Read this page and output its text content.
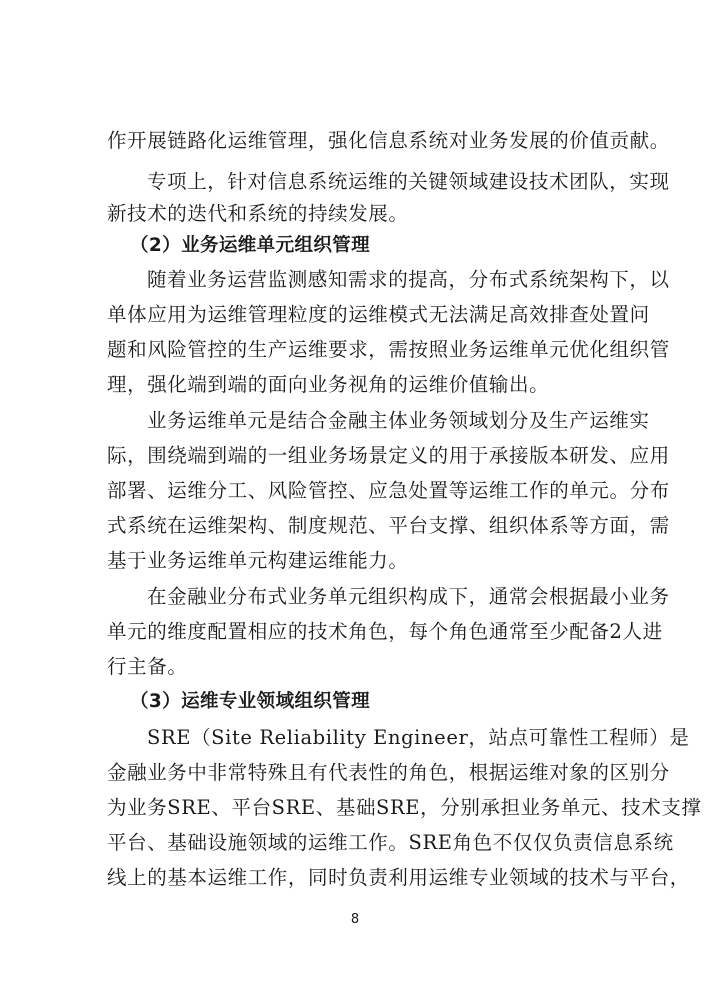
作开展链路化运维管理，强化信息系统对业务发展的价值贡献。
专项上，针对信息系统运维的关键领域建设技术团队，实现
新技术的迭代和系统的持续发展。
（2）业务运维单元组织管理
随着业务运营监测感知需求的提高，分布式系统架构下，以
单体应用为运维管理粒度的运维模式无法满足高效排查处置问
题和风险管控的生产运维要求，需按照业务运维单元优化组织管
理，强化端到端的面向业务视角的运维价值输出。
业务运维单元是结合金融主体业务领域划分及生产运维实
际，围绕端到端的一组业务场景定义的用于承接版本研发、应用
部署、运维分工、风险管控、应急处置等运维工作的单元。分布
式系统在运维架构、制度规范、平台支撑、组织体系等方面，需
基于业务运维单元构建运维能力。
在金融业分布式业务单元组织构成下，通常会根据最小业务
单元的维度配置相应的技术角色，每个角色通常至少配备2人进
行主备。
（3）运维专业领域组织管理
SRE（Site Reliability Engineer，站点可靠性工程师）是
金融业务中非常特殊且有代表性的角色，根据运维对象的区别分
为业务SRE、平台SRE、基础SRE，分别承担业务单元、技术支撑
平台、基础设施领域的运维工作。SRE角色不仅仅负责信息系统
线上的基本运维工作，同时负责利用运维专业领域的技术与平台，
8
